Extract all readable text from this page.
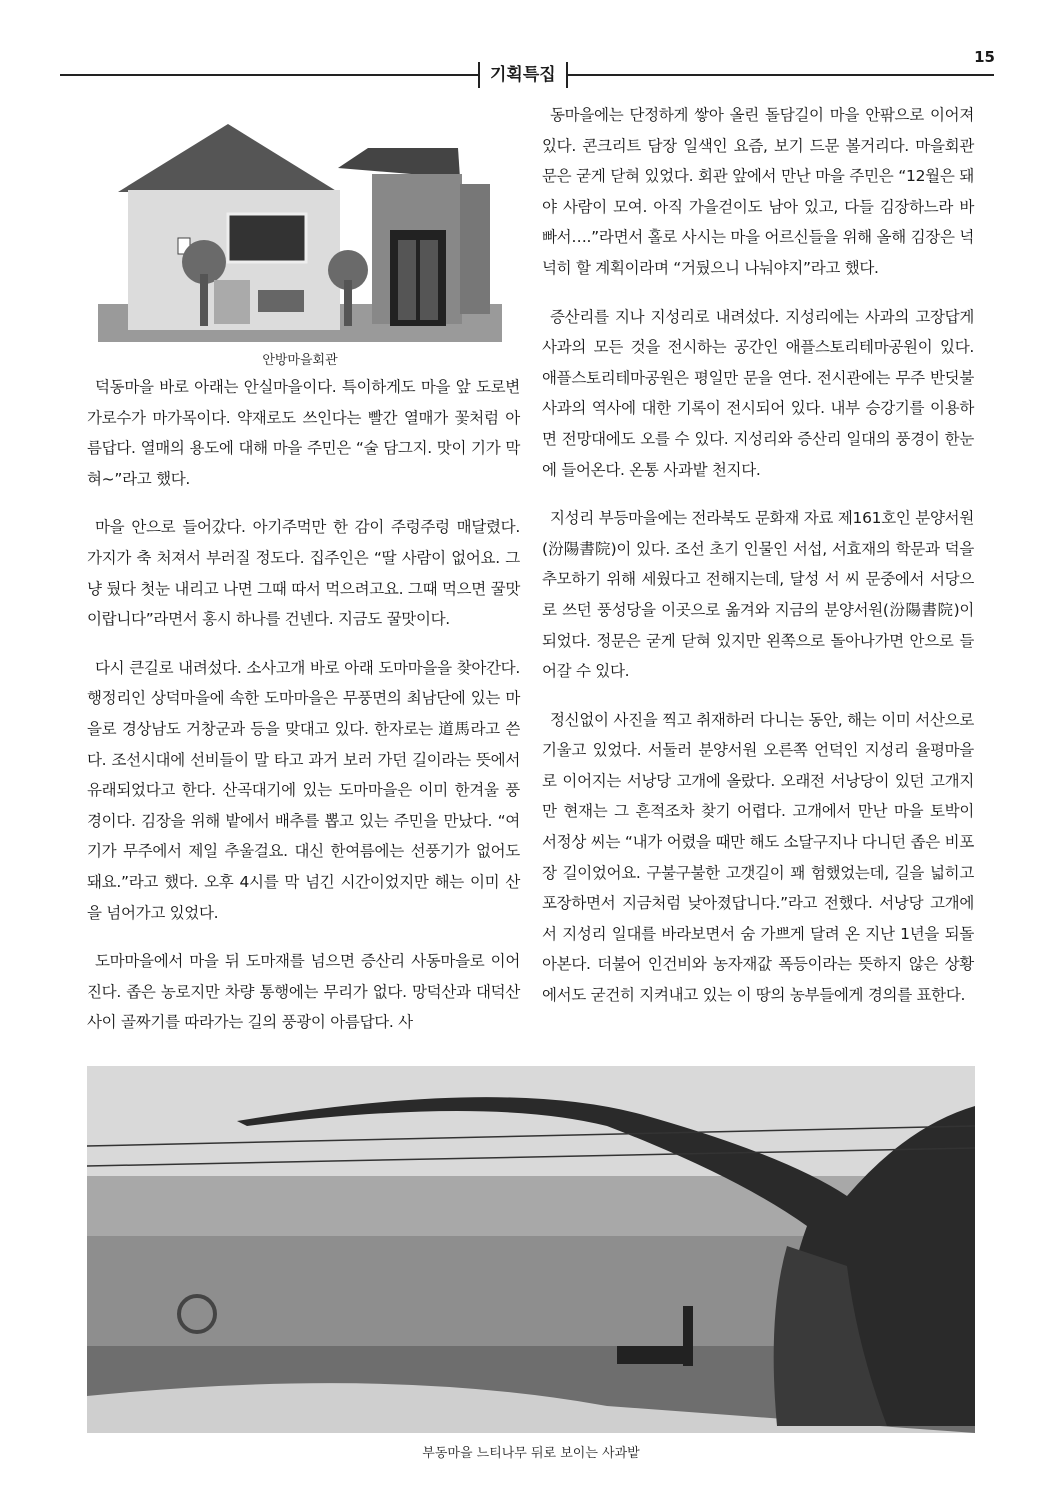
15
기획특집
안방마을회관

덕동마을 바로 아래는 안실마을이다. 특이하게도 마을 앞 도로변 가로수가 마가목이다. 약재로도 쓰인다는 빨간 열매가 꽃처럼 아름답다. 열매의 용도에 대해 마을 주민은 “술 담그지. 맛이 기가 막혀~”라고 했다.

마을 안으로 들어갔다. 아기주먹만 한 감이 주렁주렁 매달렸다. 가지가 축 처져서 부러질 정도다. 집주인은 “딸 사람이 없어요. 그냥 뒀다 첫눈 내리고 나면 그때 따서 먹으려고요. 그때 먹으면 꿀맛이랍니다”라면서 홍시 하나를 건넨다. 지금도 꿀맛이다.

다시 큰길로 내려섰다. 소사고개 바로 아래 도마마을을 찾아간다. 행정리인 상덕마을에 속한 도마마을은 무풍면의 최남단에 있는 마을로 경상남도 거창군과 등을 맞대고 있다. 한자로는 道馬라고 쓴다. 조선시대에 선비들이 말 타고 과거 보러 가던 길이라는 뜻에서 유래되었다고 한다. 산곡대기에 있는 도마마을은 이미 한겨울 풍경이다. 김장을 위해 밭에서 배추를 뽑고 있는 주민을 만났다. “여기가 무주에서 제일 추울걸요. 대신 한여름에는 선풍기가 없어도 돼요.”라고 했다. 오후 4시를 막 넘긴 시간이었지만 해는 이미 산을 넘어가고 있었다.

도마마을에서 마을 뒤 도마재를 넘으면 증산리 사동마을로 이어진다. 좁은 농로지만 차량 통행에는 무리가 없다. 망덕산과 대덕산 사이 골짜기를 따라가는 길의 풍광이 아름답다. 사

동마을에는 단정하게 쌓아 올린 돌담길이 마을 안팎으로 이어져 있다. 콘크리트 담장 일색인 요즘, 보기 드문 볼거리다. 마을회관 문은 굳게 닫혀 있었다. 회관 앞에서 만난 마을 주민은 “12월은 돼야 사람이 모여. 아직 가을걷이도 남아 있고, 다들 김장하느라 바빠서….”라면서 홀로 사시는 마을 어르신들을 위해 올해 김장은 넉넉히 할 계획이라며 “거뒀으니 나눠야지”라고 했다.

증산리를 지나 지성리로 내려섰다. 지성리에는 사과의 고장답게 사과의 모든 것을 전시하는 공간인 애플스토리테마공원이 있다. 애플스토리테마공원은 평일만 문을 연다. 전시관에는 무주 반딧불 사과의 역사에 대한 기록이 전시되어 있다. 내부 승강기를 이용하면 전망대에도 오를 수 있다. 지성리와 증산리 일대의 풍경이 한눈에 들어온다. 온통 사과밭 천지다.

지성리 부등마을에는 전라북도 문화재 자료 제161호인 분양서원(汾陽書院)이 있다. 조선 초기 인물인 서섭, 서효재의 학문과 덕을 추모하기 위해 세웠다고 전해지는데, 달성 서 씨 문중에서 서당으로 쓰던 풍성당을 이곳으로 옮겨와 지금의 분양서원(汾陽書院)이 되었다. 정문은 굳게 닫혀 있지만 왼쪽으로 돌아나가면 안으로 들어갈 수 있다.

정신없이 사진을 찍고 취재하러 다니는 동안, 해는 이미 서산으로 기울고 있었다. 서둘러 분양서원 오른쪽 언덕인 지성리 율평마을로 이어지는 서낭당 고개에 올랐다. 오래전 서낭당이 있던 고개지만 현재는 그 흔적조차 찾기 어렵다. 고개에서 만난 마을 토박이 서정상 씨는 “내가 어렸을 때만 해도 소달구지나 다니던 좁은 비포장 길이었어요. 구불구불한 고갯길이 꽤 험했었는데, 길을 넓히고 포장하면서 지금처럼 낮아졌답니다.”라고 전했다. 서낭당 고개에서 지성리 일대를 바라보면서 숨 가쁘게 달려 온 지난 1년을 되돌아본다. 더불어 인건비와 농자재값 폭등이라는 뜻하지 않은 상황에서도 굳건히 지켜내고 있는 이 땅의 농부들에게 경의를 표한다.

부동마을 느티나무 뒤로 보이는 사과밭
